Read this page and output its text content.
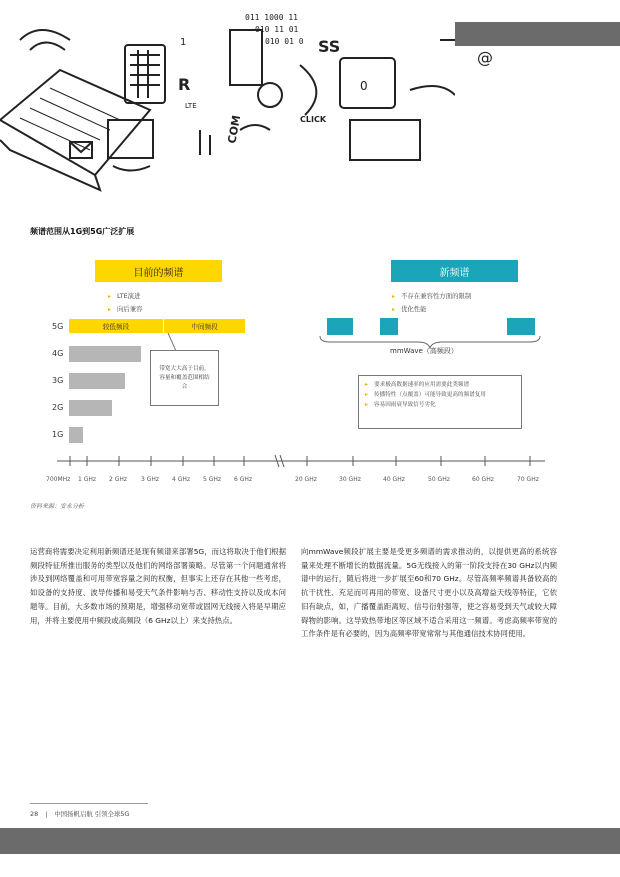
011 1000 11
010 11 01
010 01 0
CLICK
R
1
LTE
SS
COM
0
@
频谱范围从1G到5G广泛扩展
目前的频谱	新频谱
▸ LTE演进
▸ 向后兼容
▸ 不存在兼容性方面的限制
▸ 优化性能
5G
4G
3G
2G
1G
较低频段	中间频段
带宽大大高于目前，容量和覆盖范围相结合
mmWave（高频段）
▸ 要求极高数据速率的应用需要此类频谱
▸ 传播特性（点覆盖）可能导致更高的频谱复用
▸ 容易因雨衰导致信号劣化
700MHz 1 GHz 2 GHz 3 GHz 4 GHz 5 GHz 6 GHz	20 GHz	30 GHz	40 GHz	50 GHz	60 GHz	70 GHz
资料来源：安永分析
运营商将需要决定利用新频谱还是现有频谱来部署5G，而这将取决于他们根据频段特征所推出服务的类型以及他们的网络部署策略。尽管第一个问题通常将涉及到网络覆盖和可用带宽容量之间的权衡，但事实上还存在其他一些考虑，如设备的支持度、波导传播和易受天气条件影响与否、移动性支持以及成本问题等。目前，大多数市场的预期是，增强移动宽带或固网无线接入将是早期应用，并将主要使用中频段或高频段（6 GHz以上）来支持热点。
向mmWave频段扩展主要是受更多频谱的需求推动的，以提供更高的系统容量来处理不断增长的数据流量。5G无线接入的第一阶段支持在30 GHz以内频谱中的运行，随后将进一步扩展至60和70 GHz。尽管高频率频谱具备较高的抗干扰性、充足而可再用的带宽、设备尺寸更小以及高增益天线等特征，它依旧有缺点，如，广播覆盖距离短、信号衍射强等，使之容易受到天气或较大障碍物的影响。这导致热带地区等区域不适合采用这一频谱。考虑高频率带宽的工作条件是有必要的，因为高频率带宽常常与其他通信技术协同使用。
28 | 中国扬帆启航 引领全球5G
